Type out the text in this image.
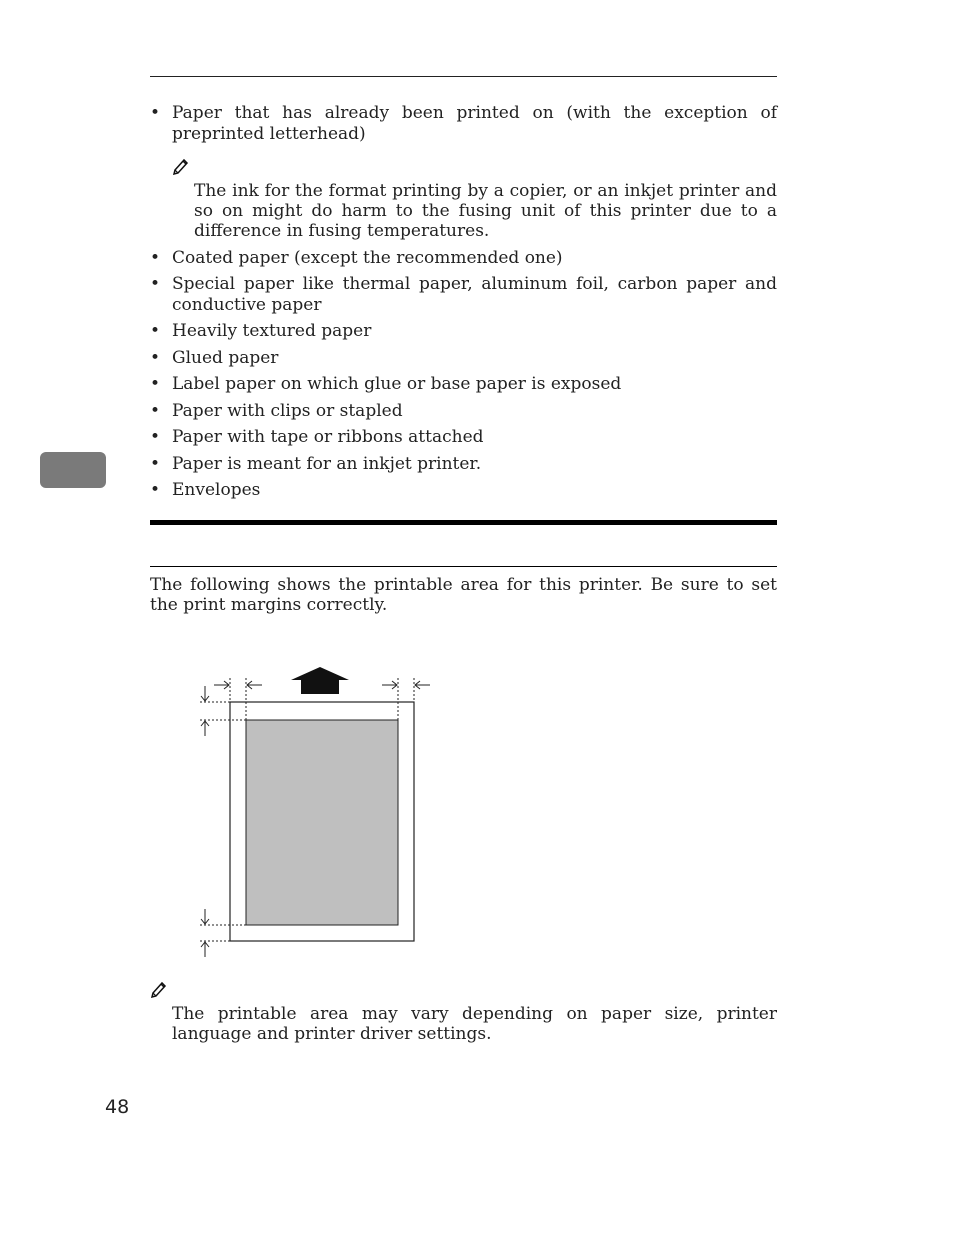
• Paper that has already been printed on (with the exception of preprinted letterhead)
The ink for the format printing by a copier, or an inkjet printer and so on might do harm to the fusing unit of this printer due to a difference in fusing temperatures.
• Coated paper (except the recommended one)
• Special paper like thermal paper, aluminum foil, carbon paper and conductive paper
• Heavily textured paper
• Glued paper
• Label paper on which glue or base paper is exposed
• Paper with clips or stapled
• Paper with tape or ribbons attached
• Paper is meant for an inkjet printer.
• Envelopes
The following shows the printable area for this printer. Be sure to set the print margins correctly.
The printable area may vary depending on paper size, printer language and printer driver settings.
48
